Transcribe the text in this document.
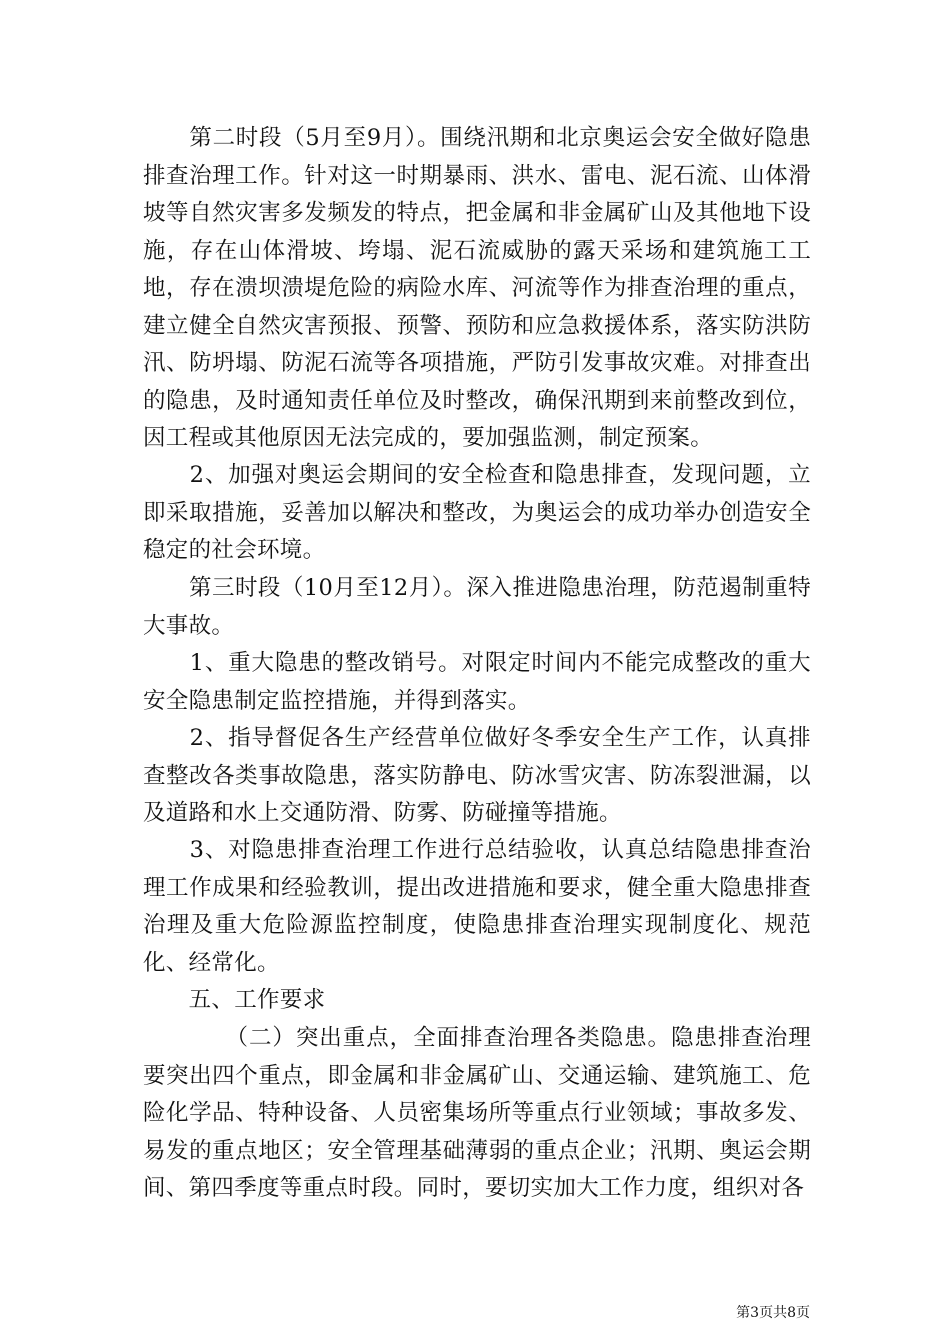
　　第二时段（5月至9月）。围绕汛期和北京奥运会安全做好隐患排查治理工作。针对这一时期暴雨、洪水、雷电、泥石流、山体滑坡等自然灾害多发频发的特点，把金属和非金属矿山及其他地下设施，存在山体滑坡、垮塌、泥石流威胁的露天采场和建筑施工工地，存在溃坝溃堤危险的病险水库、河流等作为排查治理的重点，建立健全自然灾害预报、预警、预防和应急救援体系，落实防洪防汛、防坍塌、防泥石流等各项措施，严防引发事故灾难。对排查出的隐患，及时通知责任单位及时整改，确保汛期到来前整改到位，因工程或其他原因无法完成的，要加强监测，制定预案。

　　2、加强对奥运会期间的安全检查和隐患排查，发现问题，立即采取措施，妥善加以解决和整改，为奥运会的成功举办创造安全稳定的社会环境。

　　第三时段（10月至12月）。深入推进隐患治理，防范遏制重特大事故。

　　1、重大隐患的整改销号。对限定时间内不能完成整改的重大安全隐患制定监控措施，并得到落实。

　　2、指导督促各生产经营单位做好冬季安全生产工作，认真排查整改各类事故隐患，落实防静电、防冰雪灾害、防冻裂泄漏，以及道路和水上交通防滑、防雾、防碰撞等措施。

　　3、对隐患排查治理工作进行总结验收，认真总结隐患排查治理工作成果和经验教训，提出改进措施和要求，健全重大隐患排查治理及重大危险源监控制度，使隐患排查治理实现制度化、规范化、经常化。

　　五、工作要求

　　　　（二）突出重点，全面排查治理各类隐患。隐患排查治理要突出四个重点，即金属和非金属矿山、交通运输、建筑施工、危险化学品、特种设备、人员密集场所等重点行业领域；事故多发、易发的重点地区；安全管理基础薄弱的重点企业；汛期、奥运会期间、第四季度等重点时段。同时，要切实加大工作力度，组织对各

第3页共8页
